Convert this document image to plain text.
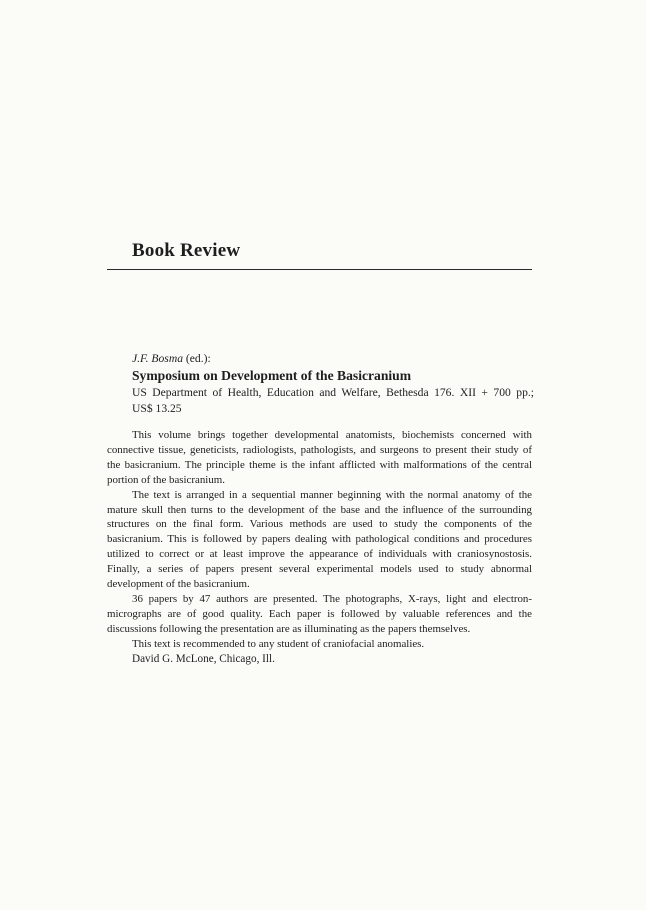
Book Review
J.F. Bosma (ed.):
Symposium on Development of the Basicranium
US Department of Health, Education and Welfare, Bethesda 176. XII + 700 pp.;
US$ 13.25

This volume brings together developmental anatomists, biochemists concerned with connective tissue, geneticists, radiologists, pathologists, and surgeons to present their study of the basicranium. The principle theme is the infant afflicted with malformations of the central portion of the basicranium.

The text is arranged in a sequential manner beginning with the normal anatomy of the mature skull then turns to the development of the base and the influence of the surrounding structures on the final form. Various methods are used to study the components of the basicranium. This is followed by papers dealing with pathological conditions and procedures utilized to correct or at least improve the appearance of individuals with craniosynostosis. Finally, a series of papers present several experimental models used to study abnormal development of the basicranium.

36 papers by 47 authors are presented. The photographs, X-rays, light and electron-micrographs are of good quality. Each paper is followed by valuable references and the discussions following the presentation are as illuminating as the papers themselves.

This text is recommended to any student of craniofacial anomalies.

David G. McLone, Chicago, Ill.
